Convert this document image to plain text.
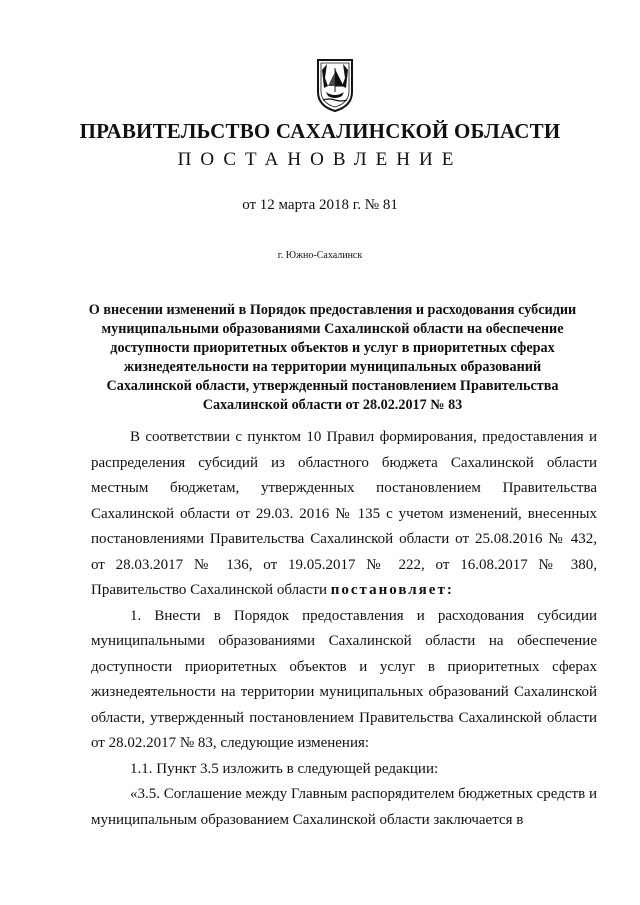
ПРАВИТЕЛЬСТВО САХАЛИНСКОЙ ОБЛАСТИ
ПОСТАНОВЛЕНИЕ
от 12 марта 2018 г. № 81
г. Южно-Сахалинск
О внесении изменений в Порядок предоставления и расходования субсидии муниципальными образованиями Сахалинской области на обеспечение доступности приоритетных объектов и услуг в приоритетных сферах жизнедеятельности на территории муниципальных образований Сахалинской области, утвержденный постановлением Правительства Сахалинской области от 28.02.2017 № 83

В соответствии с пунктом 10 Правил формирования, предоставления и распределения субсидий из областного бюджета Сахалинской области местным бюджетам, утвержденных постановлением Правительства Сахалинской области от 29.03. 2016 № 135 с учетом изменений, внесенных постановлениями Правительства Сахалинской области от 25.08.2016 № 432, от 28.03.2017 № 136, от 19.05.2017 № 222, от 16.08.2017 № 380, Правительство Сахалинской области постановляет:

1. Внести в Порядок предоставления и расходования субсидии муниципальными образованиями Сахалинской области на обеспечение доступности приоритетных объектов и услуг в приоритетных сферах жизнедеятельности на территории муниципальных образований Сахалинской области, утвержденный постановлением Правительства Сахалинской области от 28.02.2017 № 83, следующие изменения:

1.1. Пункт 3.5 изложить в следующей редакции:

«3.5. Соглашение между Главным распорядителем бюджетных средств и муниципальным образованием Сахалинской области заключается в
